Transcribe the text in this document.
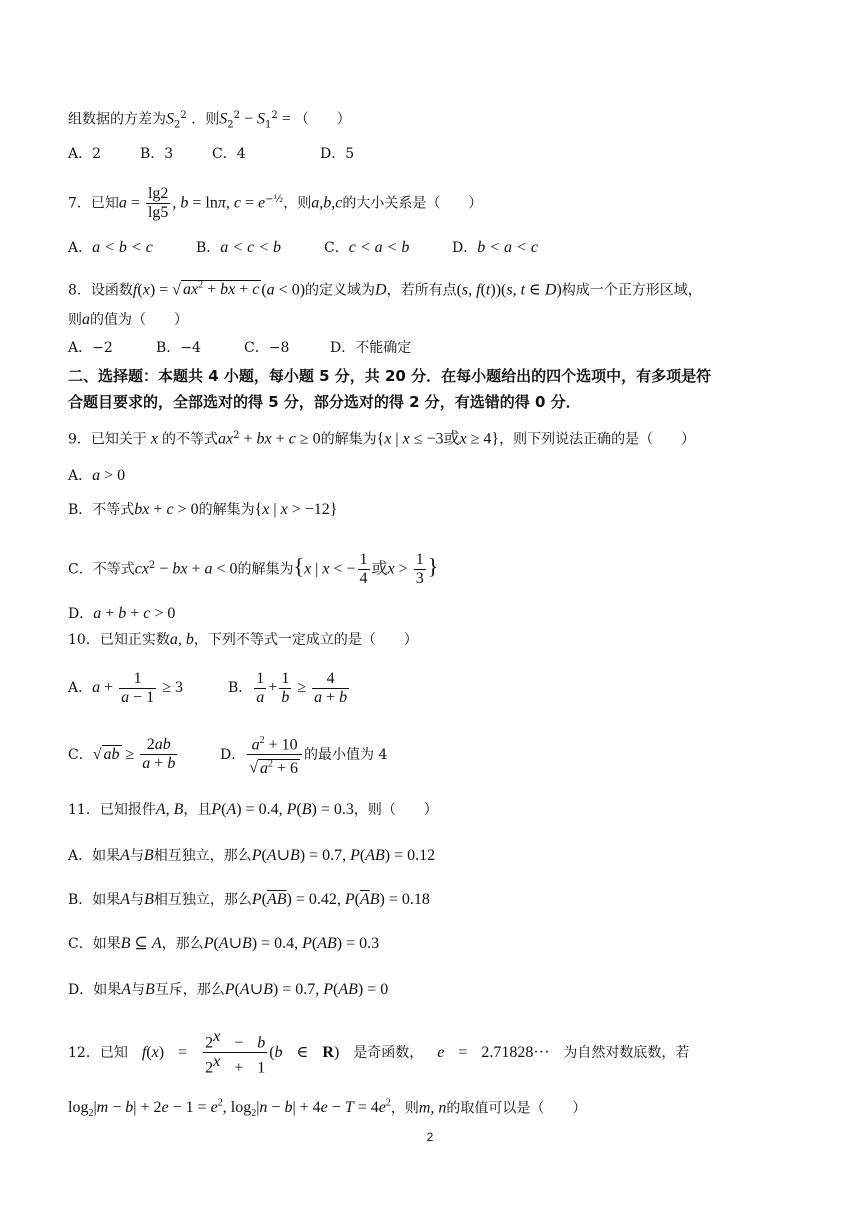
组数据的方差为$S_2^2$ ．则$S_2^2 - S_1^2$ = （　　）
A．2	B．3	C．4	D．5
7．已知$a = \frac{\lg 2}{\lg 5}$ , b = lnπ, $c = e^{-\frac{1}{2}}$，则a,b,c的大小关系是（　　）
A．a < b < c	B．a < c < b	C．c < a < b	D．b < a < c
8．设函数f(x) = √ $ax^2$ + bx + c (a < 0)的定义域为D，若所有点(s, f(t))(s, t ∈ D)构成一个正方形区域，
则a的值为（　　）
A．−2	B．−4	C．−8	D．不能确定
二、选择题：本题共 4 小题，每小题 5 分，共 20 分．在每小题给出的四个选项中，有多项是符
合题目要求的，全部选对的得 5 分，部分选对的得 2 分，有选错的得 0 分．
9．已知关于 x 的不等式$ax^2$ + bx + c ≥ 0的解集为{x | x ≤ −3或x ≥ 4}，则下列说法正确的是（　　）
A．a > 0
B．不等式bx + c > 0的解集为{x | x > −12}
C．不等式$cx^2$ − bx + a < 0的解集为{x | x < − $\frac{1}{4}$ 或$x > \frac{1}{3}$ }
D．a + b + c > 0
10．已知正实数a, b，下列不等式一定成立的是（　　）
A．$a + \frac{1}{a - 1} \ge 3$	B． $\frac{1}{a} + \frac{1}{b} \ge \frac{4}{a + b}$
C．√ ab ≥ $\frac{2ab}{a + b}$	D． $\frac{a^2 + 10}{√ a^2 + 6}$ 的最小值为 4
11．已知报件A, B，且P(A) = 0.4, P(B) = 0.3，则（　　）
A．如果A与B相互独立，那么P(A∪B) = 0.7, P(AB) = 0.12
B．如果A与B相互独立，那么$P(\overline{AB}) = 0.42$, $P(\overline{A}B) = 0.18$
C．如果B ⊆ A，那么P(A∪B) = 0.4, P(AB) = 0.3
D．如果A与B互斥，那么P(A∪B) = 0.7, P(AB) = 0
12．已知 $f(x) = \frac{2^x - b}{2^x + 1} (b$ ∈ R) 是奇函数， e = 2.71828··· 为自然对数底数，若
$\log_2|m - b| + 2e - 1 = e^2$, $\log_2|n - b| + 4e - T = 4e^2$，则m, n的取值可以是（　　）
2
